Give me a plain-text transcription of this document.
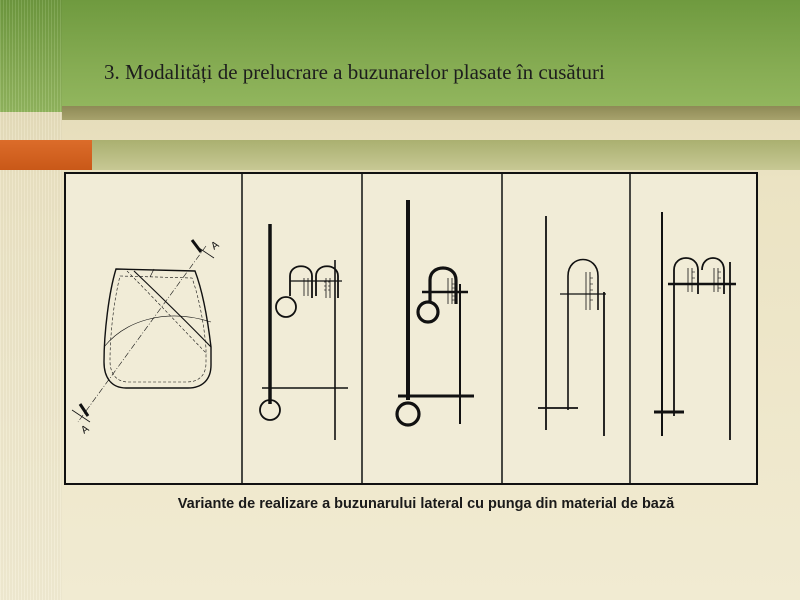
3. Modalități de prelucrare a buzunarelor plasate în cusături
A
A
Variante de realizare a buzunarului lateral cu punga din material de bază
